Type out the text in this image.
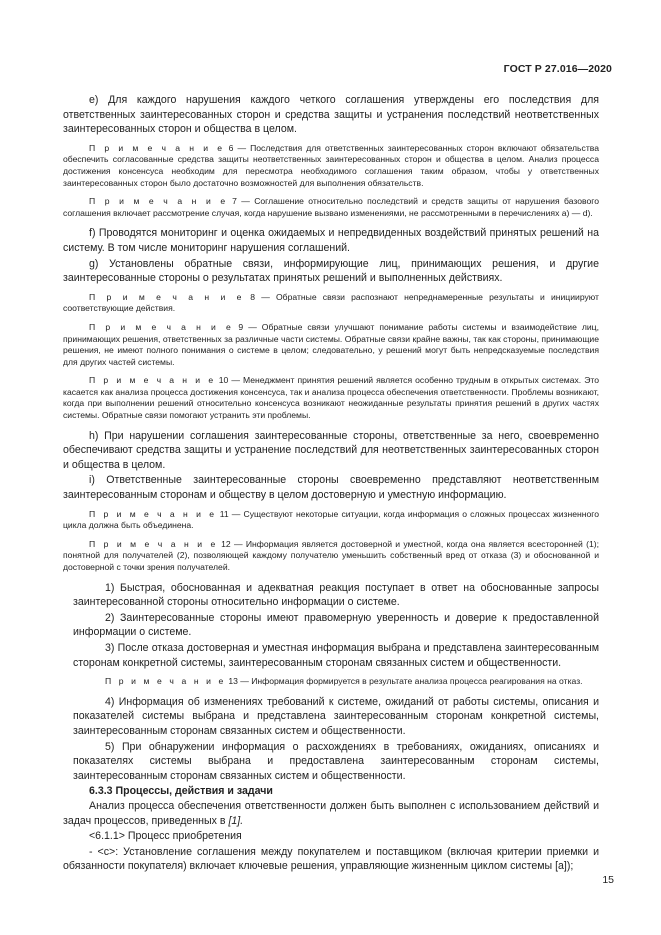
ГОСТ Р 27.016—2020

е) Для каждого нарушения каждого четкого соглашения утверждены его последствия для ответственных заинтересованных сторон и средства защиты и устранения последствий неответственных заинтересованных сторон и общества в целом.

П р и м е ч а н и е 6 — Последствия для ответственных заинтересованных сторон включают обязательства обеспечить согласованные средства защиты неответственных заинтересованных сторон и общества в целом. Анализ процесса достижения консенсуса необходим для пересмотра необходимого соглашения таким образом, чтобы у ответственных заинтересованных сторон было достаточно возможностей для выполнения обязательств.

П р и м е ч а н и е 7 — Соглашение относительно последствий и средств защиты от нарушения базового соглашения включает рассмотрение случая, когда нарушение вызвано изменениями, не рассмотренными в перечислениях a) — d).

f) Проводятся мониторинг и оценка ожидаемых и непредвиденных воздействий принятых решений на систему. В том числе мониторинг нарушения соглашений.

g) Установлены обратные связи, информирующие лиц, принимающих решения, и другие заинтересованные стороны о результатах принятых решений и выполненных действиях.

П р и м е ч а н и е 8 — Обратные связи распознают непреднамеренные результаты и инициируют соответствующие действия.

П р и м е ч а н и е 9 — Обратные связи улучшают понимание работы системы и взаимодействие лиц, принимающих решения, ответственных за различные части системы. Обратные связи крайне важны, так как стороны, принимающие решения, не имеют полного понимания о системе в целом; следовательно, у решений могут быть непредсказуемые последствия для других частей системы.

П р и м е ч а н и е 10 — Менеджмент принятия решений является особенно трудным в открытых системах. Это касается как анализа процесса достижения консенсуса, так и анализа процесса обеспечения ответственности. Проблемы возникают, когда при выполнении решений относительно консенсуса возникают неожиданные результаты принятия решений в других частях системы. Обратные связи помогают устранить эти проблемы.

h) При нарушении соглашения заинтересованные стороны, ответственные за него, своевременно обеспечивают средства защиты и устранение последствий для неответственных заинтересованных сторон и общества в целом.

i) Ответственные заинтересованные стороны своевременно представляют неответственным заинтересованным сторонам и обществу в целом достоверную и уместную информацию.

П р и м е ч а н и е 11 — Существуют некоторые ситуации, когда информация о сложных процессах жизненного цикла должна быть объединена.

П р и м е ч а н и е 12 — Информация является достоверной и уместной, когда она является всесторонней (1); понятной для получателей (2), позволяющей каждому получателю уменьшить собственный вред от отказа (3) и обоснованной и достоверной с точки зрения получателей.

1) Быстрая, обоснованная и адекватная реакция поступает в ответ на обоснованные запросы заинтересованной стороны относительно информации о системе.

2) Заинтересованные стороны имеют правомерную уверенность и доверие к предоставленной информации о системе.

3) После отказа достоверная и уместная информация выбрана и представлена заинтересованным сторонам конкретной системы, заинтересованным сторонам связанных систем и общественности.

П р и м е ч а н и е 13 — Информация формируется в результате анализа процесса реагирования на отказ.

4) Информация об изменениях требований к системе, ожиданий от работы системы, описания и показателей системы выбрана и представлена заинтересованным сторонам конкретной системы, заинтересованным сторонам связанных систем и общественности.

5) При обнаружении информация о расхождениях в требованиях, ожиданиях, описаниях и показателях системы выбрана и предоставлена заинтересованным сторонам системы, заинтересованным сторонам связанных систем и общественности.

6.3.3 Процессы, действия и задачи

Анализ процесса обеспечения ответственности должен быть выполнен с использованием действий и задач процессов, приведенных в [1].

<6.1.1> Процесс приобретения

- <c>: Установление соглашения между покупателем и поставщиком (включая критерии приемки и обязанности покупателя) включает ключевые решения, управляющие жизненным циклом системы [a]);

15
